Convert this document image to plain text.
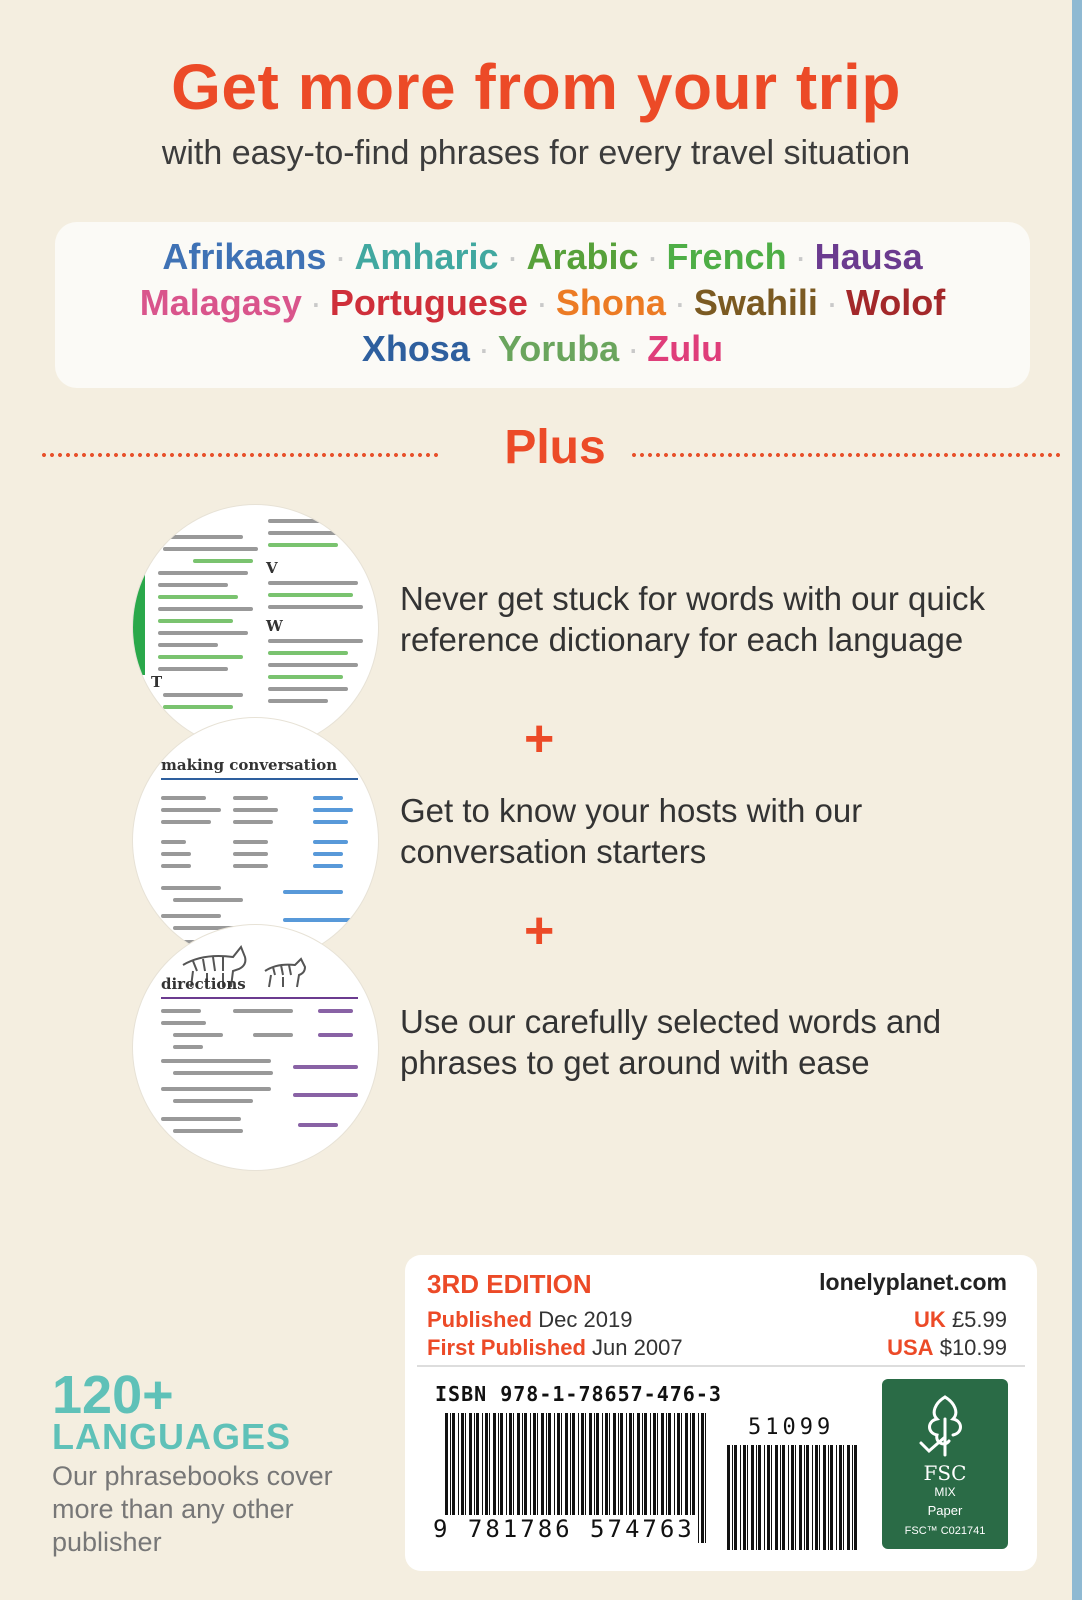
Get more from your trip
with easy-to-find phrases for every travel situation
Afrikaans · Amharic · Arabic · French · Hausa
Malagasy · Portuguese · Shona · Swahili · Wolof
Xhosa · Yoruba · Zulu
Plus
T
V
W
Never get stuck for words with our quick reference dictionary for each language
+
making conversation
Get to know your hosts with our conversation starters
+
directions
Use our carefully selected words and phrases to get around with ease
3RD EDITION
Published Dec 2019
First Published Jun 2007
lonelyplanet.com
UK £5.99
USA $10.99
ISBN 978-1-78657-476-3
9 781786 574763
51099
FSC
MIX
Paper
FSC™ C021741
120+
LANGUAGES
Our phrasebooks cover more than any other publisher
